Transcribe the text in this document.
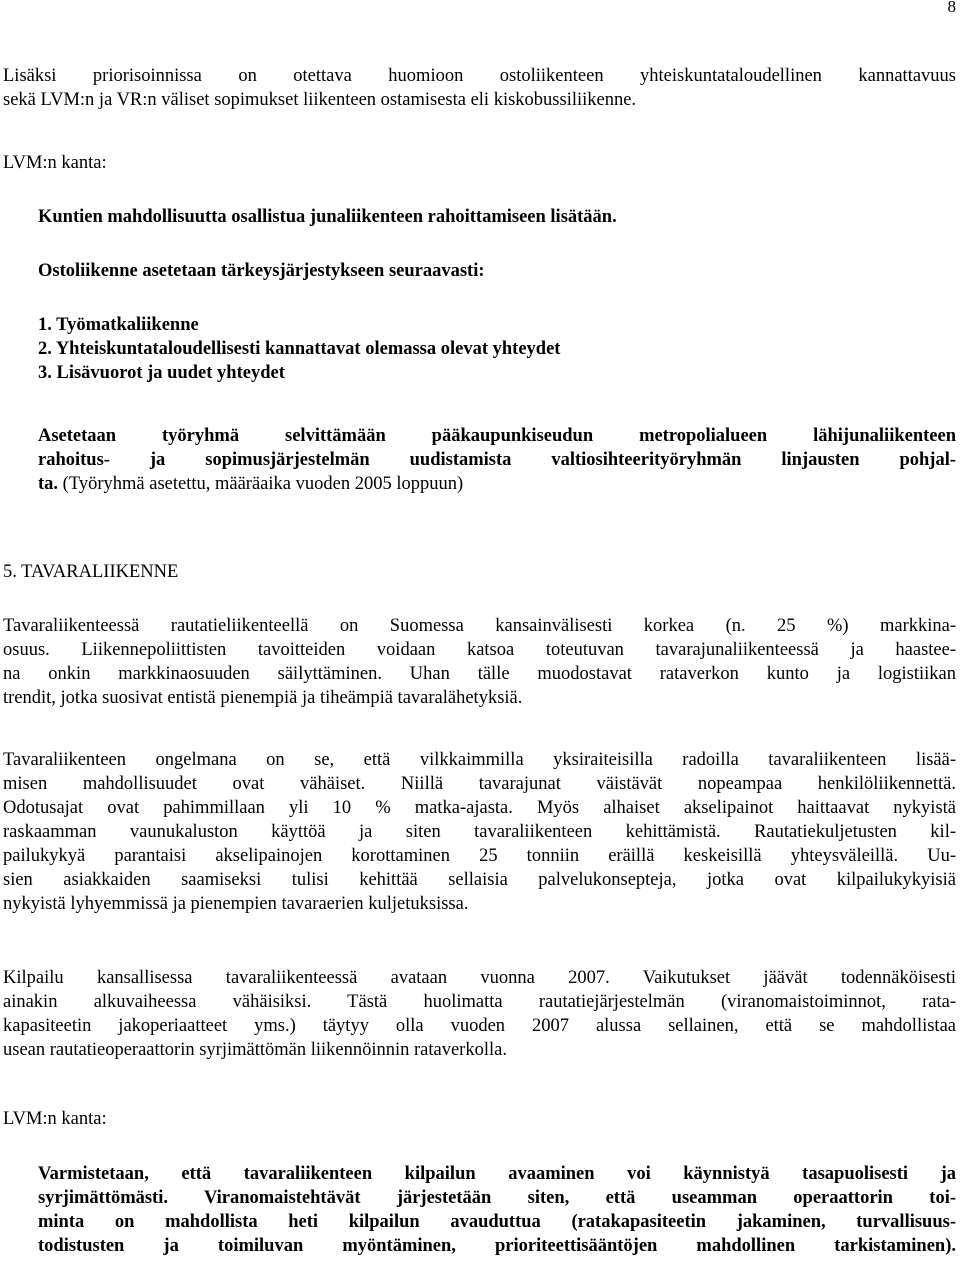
8
Lisäksi priorisoinnissa on otettava huomioon ostoliikenteen yhteiskuntataloudellinen kannattavuus
sekä LVM:n ja VR:n väliset sopimukset liikenteen ostamisesta eli kiskobussiliikenne.
LVM:n kanta:
Kuntien mahdollisuutta osallistua junaliikenteen rahoittamiseen lisätään.
Ostoliikenne asetetaan tärkeysjärjestykseen seuraavasti:
1. Työmatkaliikenne
2. Yhteiskuntataloudellisesti kannattavat olemassa olevat yhteydet
3. Lisävuorot ja uudet yhteydet
Asetetaan työryhmä selvittämään pääkaupunkiseudun metropolialueen lähijunaliikenteen
rahoitus- ja sopimusjärjestelmän uudistamista valtiosihteerityöryhmän linjausten pohjal-
ta. (Työryhmä asetettu, määräaika vuoden 2005 loppuun)
5. TAVARALIIKENNE
Tavaraliikenteessä rautatieliikenteellä on Suomessa kansainvälisesti korkea (n. 25 %) markkina-
osuus. Liikennepoliittisten tavoitteiden voidaan katsoa toteutuvan tavarajunaliikenteessä ja haastee-
na onkin markkinaosuuden säilyttäminen. Uhan tälle muodostavat rataverkon kunto ja logistiikan
trendit, jotka suosivat entistä pienempiä ja tiheämpiä tavaralähetyksiä.
Tavaraliikenteen ongelmana on se, että vilkkaimmilla yksiraiteisilla radoilla tavaraliikenteen lisää-
misen mahdollisuudet ovat vähäiset. Niillä tavarajunat väistävät nopeampaa henkilöliikennettä.
Odotusajat ovat pahimmillaan yli 10 % matka-ajasta. Myös alhaiset akselipainot haittaavat nykyistä
raskaamman vaunukaluston käyttöä ja siten tavaraliikenteen kehittämistä. Rautatiekuljetusten kil-
pailukykyä parantaisi akselipainojen korottaminen 25 tonniin eräillä keskeisillä yhteysväleillä. Uu-
sien asiakkaiden saamiseksi tulisi kehittää sellaisia palvelukonsepteja, jotka ovat kilpailukykyisiä
nykyistä lyhyemmissä ja pienempien tavaraerien kuljetuksissa.
Kilpailu kansallisessa tavaraliikenteessä avataan vuonna 2007. Vaikutukset jäävät todennäköisesti
ainakin alkuvaiheessa vähäisiksi. Tästä huolimatta rautatiejärjestelmän (viranomaistoiminnot, rata-
kapasiteetin jakoperiaatteet yms.) täytyy olla vuoden 2007 alussa sellainen, että se mahdollistaa
usean rautatieoperaattorin syrjimättömän liikennöinnin rataverkolla.
LVM:n kanta:
Varmistetaan, että tavaraliikenteen kilpailun avaaminen voi käynnistyä tasapuolisesti ja
syrjimättömästi. Viranomaistehtävät järjestetään siten, että useamman operaattorin toi-
minta on mahdollista heti kilpailun avauduttua (ratakapasiteetin jakaminen, turvallisuus-
todistusten ja toimiluvan myöntäminen, prioriteettisääntöjen mahdollinen tarkistaminen).
